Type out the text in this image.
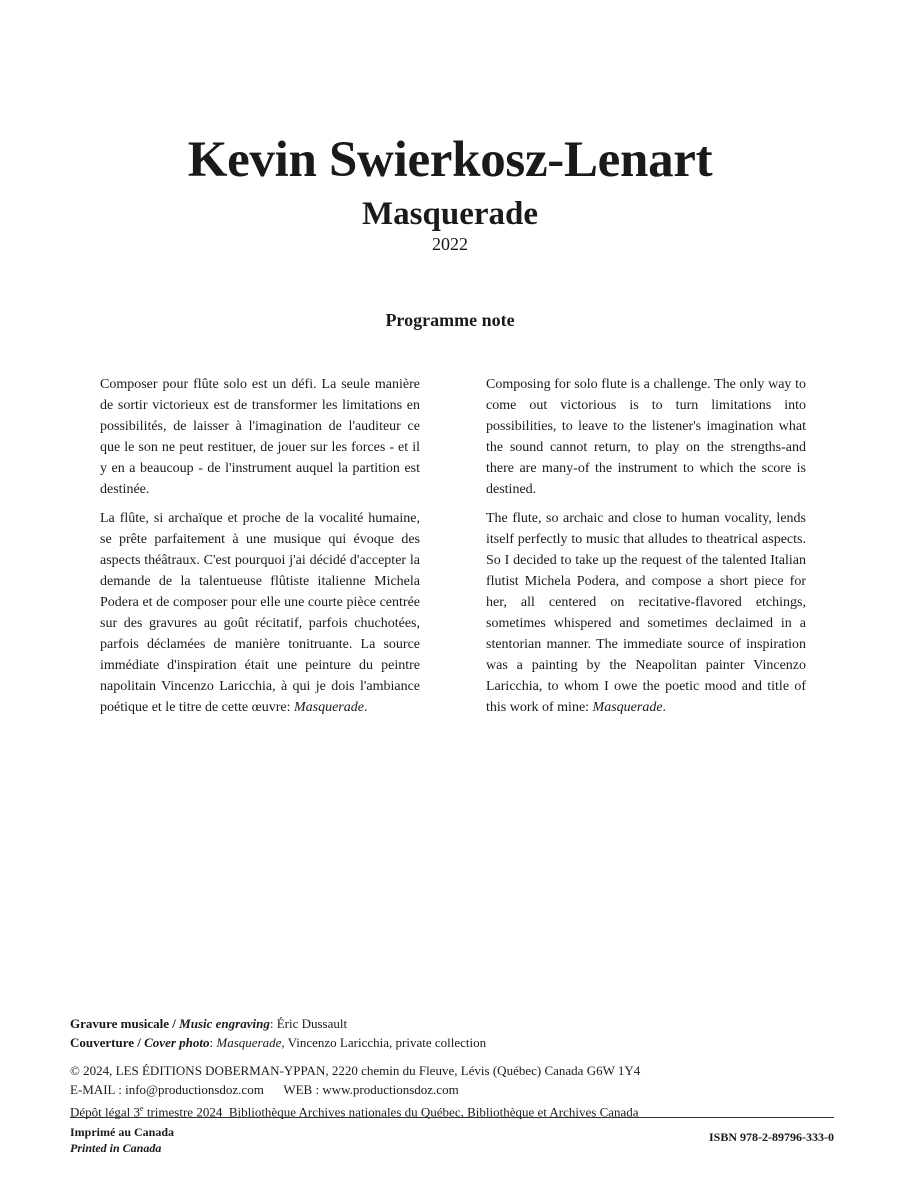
Kevin Swierkosz-Lenart
Masquerade
2022
Programme note

Composer pour flûte solo est un défi. La seule manière de sortir victorieux est de transformer les limitations en possibilités, de laisser à l'imagination de l'auditeur ce que le son ne peut restituer, de jouer sur les forces - et il y en a beaucoup - de l'instrument auquel la partition est destinée.

La flûte, si archaïque et proche de la vocalité humaine, se prête parfaitement à une musique qui évoque des aspects théâtraux. C'est pourquoi j'ai décidé d'accepter la demande de la talentueuse flûtiste italienne Michela Podera et de composer pour elle une courte pièce centrée sur des gravures au goût récitatif, parfois chuchotées, parfois déclamées de manière tonitruante. La source immédiate d'inspiration était une peinture du peintre napolitain Vincenzo Laricchia, à qui je dois l'ambiance poétique et le titre de cette œuvre: Masquerade.

Composing for solo flute is a challenge. The only way to come out victorious is to turn limitations into possibilities, to leave to the listener's imagination what the sound cannot return, to play on the strengths-and there are many-of the instrument to which the score is destined.

The flute, so archaic and close to human vocality, lends itself perfectly to music that alludes to theatrical aspects. So I decided to take up the request of the talented Italian flutist Michela Podera, and compose a short piece for her, all centered on recitative-flavored etchings, sometimes whispered and sometimes declaimed in a stentorian manner. The immediate source of inspiration was a painting by the Neapolitan painter Vincenzo Laricchia, to whom I owe the poetic mood and title of this work of mine: Masquerade.

Gravure musicale / Music engraving: Éric Dussault
Couverture / Cover photo: Masquerade, Vincenzo Laricchia, private collection
© 2024, LES ÉDITIONS DOBERMAN-YPPAN, 2220 chemin du Fleuve, Lévis (Québec) Canada G6W 1Y4
E-MAIL : info@productionsdoz.com WEB : www.productionsdoz.com
Dépôt légal 3e trimestre 2024  Bibliothèque Archives nationales du Québec, Bibliothèque et Archives Canada
Imprimé au Canada
Printed in Canada
ISBN 978-2-89796-333-0
